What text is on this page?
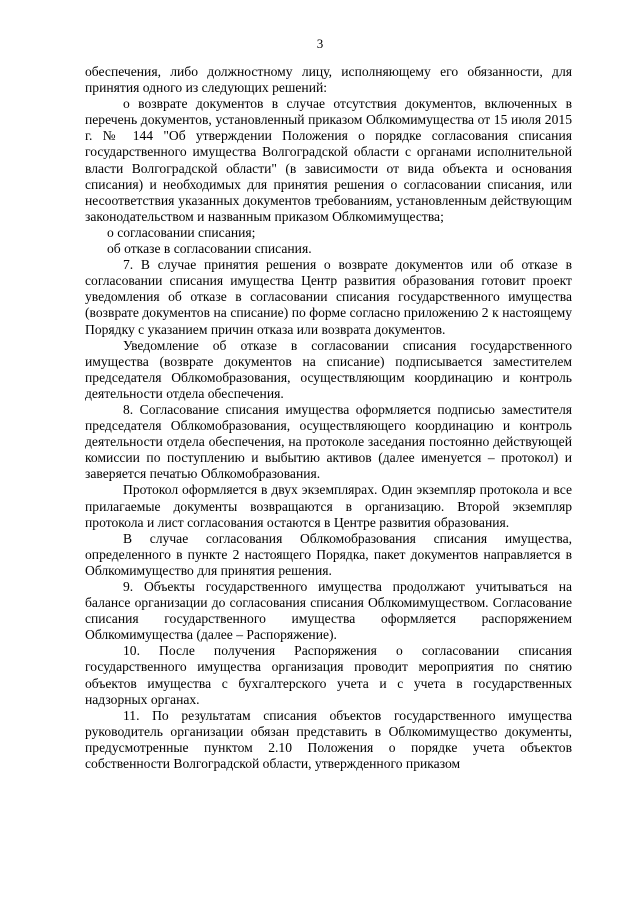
3

обеспечения, либо должностному лицу, исполняющему его обязанности, для принятия одного из следующих решений:

о возврате документов в случае отсутствия документов, включенных в перечень документов, установленный приказом Облкомимущества от 15 июля 2015 г. № 144 "Об утверждении Положения о порядке согласования списания государственного имущества Волгоградской области с органами исполнительной власти Волгоградской области" (в зависимости от вида объекта и основания списания) и необходимых для принятия решения о согласовании списания, или несоответствия указанных документов требованиям, установленным действующим законодательством и названным приказом Облкомимущества;

о согласовании списания;

об отказе в согласовании списания.

7. В случае принятия решения о возврате документов или об отказе в согласовании списания имущества Центр развития образования готовит проект уведомления об отказе в согласовании списания государственного имущества (возврате документов на списание) по форме согласно приложению 2 к настоящему Порядку с указанием причин отказа или возврата документов.

Уведомление об отказе в согласовании списания государственного имущества (возврате документов на списание) подписывается заместителем председателя Облкомобразования, осуществляющим координацию и контроль деятельности отдела обеспечения.

8. Согласование списания имущества оформляется подписью заместителя председателя Облкомобразования, осуществляющего координацию и контроль деятельности отдела обеспечения, на протоколе заседания постоянно действующей комиссии по поступлению и выбытию активов (далее именуется – протокол) и заверяется печатью Облкомобразования.

Протокол оформляется в двух экземплярах. Один экземпляр протокола и все прилагаемые документы возвращаются в организацию. Второй экземпляр протокола и лист согласования остаются в Центре развития образования.

В случае согласования Облкомобразования списания имущества, определенного в пункте 2 настоящего Порядка, пакет документов направляется в Облкомимущество для принятия решения.

9. Объекты государственного имущества продолжают учитываться на балансе организации до согласования списания Облкомимуществом. Согласование списания государственного имущества оформляется распоряжением Облкомимущества (далее – Распоряжение).

10. После получения Распоряжения о согласовании списания государственного имущества организация проводит мероприятия по снятию объектов имущества с бухгалтерского учета и с учета в государственных надзорных органах.

11. По результатам списания объектов государственного имущества руководитель организации обязан представить в Облкомимущество документы, предусмотренные пунктом 2.10 Положения о порядке учета объектов собственности Волгоградской области, утвержденного приказом
